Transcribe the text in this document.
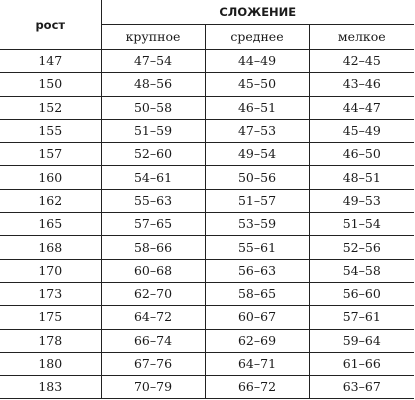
рост	СЛОЖЕНИЕ		
	крупное	среднее	мелкое
147	47–54	44–49	42–45
150	48–56	45–50	43–46
152	50–58	46–51	44–47
155	51–59	47–53	45–49
157	52–60	49–54	46–50
160	54–61	50–56	48–51
162	55–63	51–57	49–53
165	57–65	53–59	51–54
168	58–66	55–61	52–56
170	60–68	56–63	54–58
173	62–70	58–65	56–60
175	64–72	60–67	57–61
178	66–74	62–69	59–64
180	67–76	64–71	61–66
183	70–79	66–72	63–67
